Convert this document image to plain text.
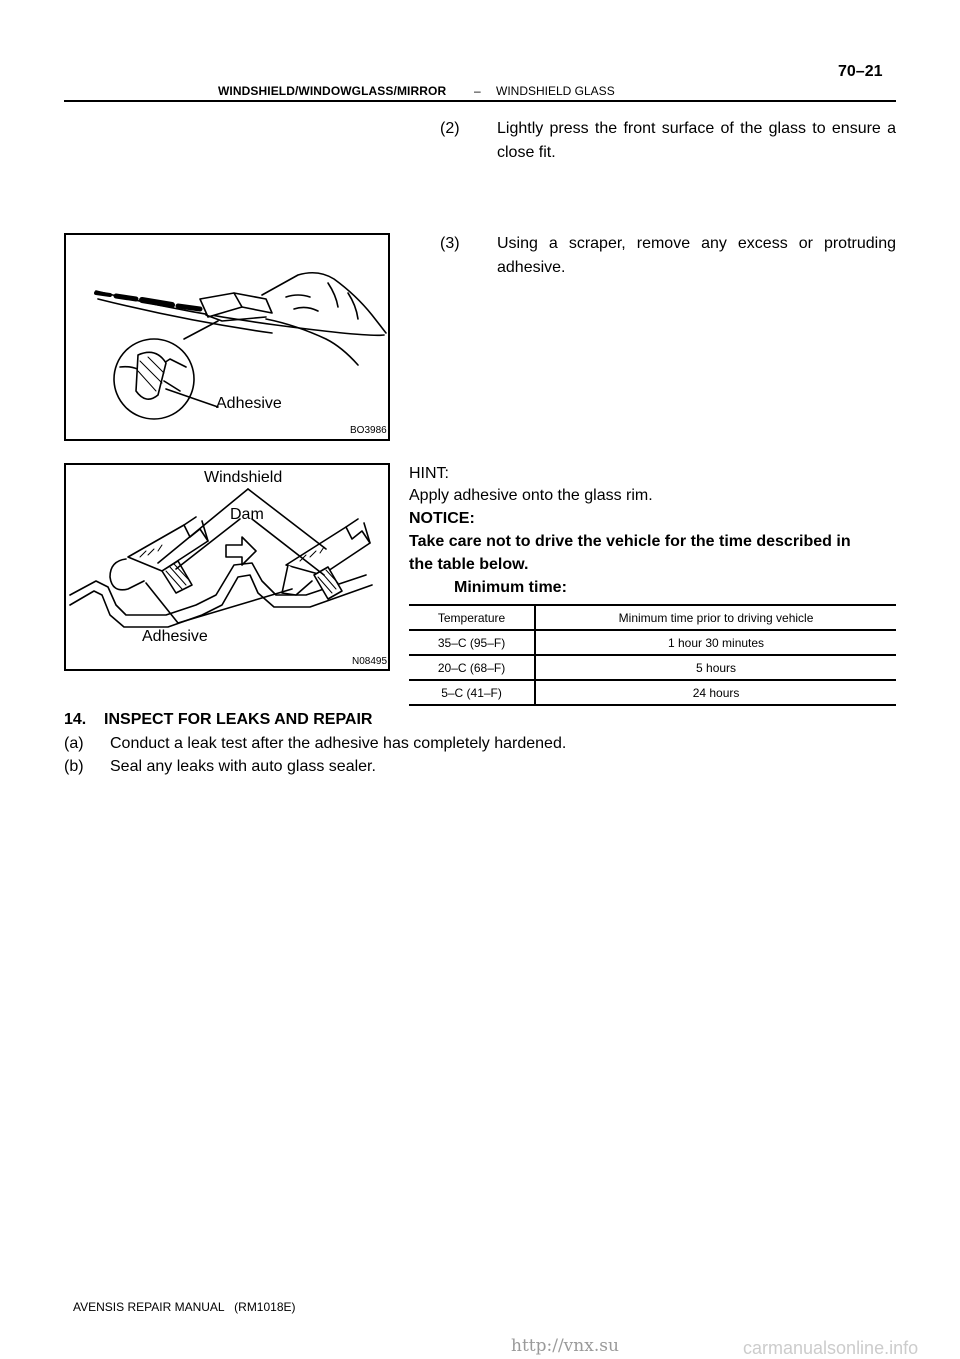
WINDSHIELD/WINDOWGLASS/MIRROR – WINDSHIELD GLASS
70–21
(2) Lightly press the front surface of the glass to ensure a close fit.
(3) Using a scraper, remove any excess or protruding adhesive.
Adhesive
BO3986
Windshield
Dam
Adhesive
N08495
HINT:
Apply adhesive onto the glass rim.
NOTICE:
Take care not to drive the vehicle for the time described in
the table below.
Minimum time:
Temperature	Minimum time prior to driving vehicle
35–C (95–F)	1 hour 30 minutes
20–C (68–F)	5 hours
5–C (41–F)	24 hours
14.    INSPECT FOR LEAKS AND REPAIR
(a) Conduct a leak test after the adhesive has completely hardened.
(b) Seal any leaks with auto glass sealer.
AVENSIS REPAIR MANUAL   (RM1018E)
http://vnx.su	carmanualsonline.info
